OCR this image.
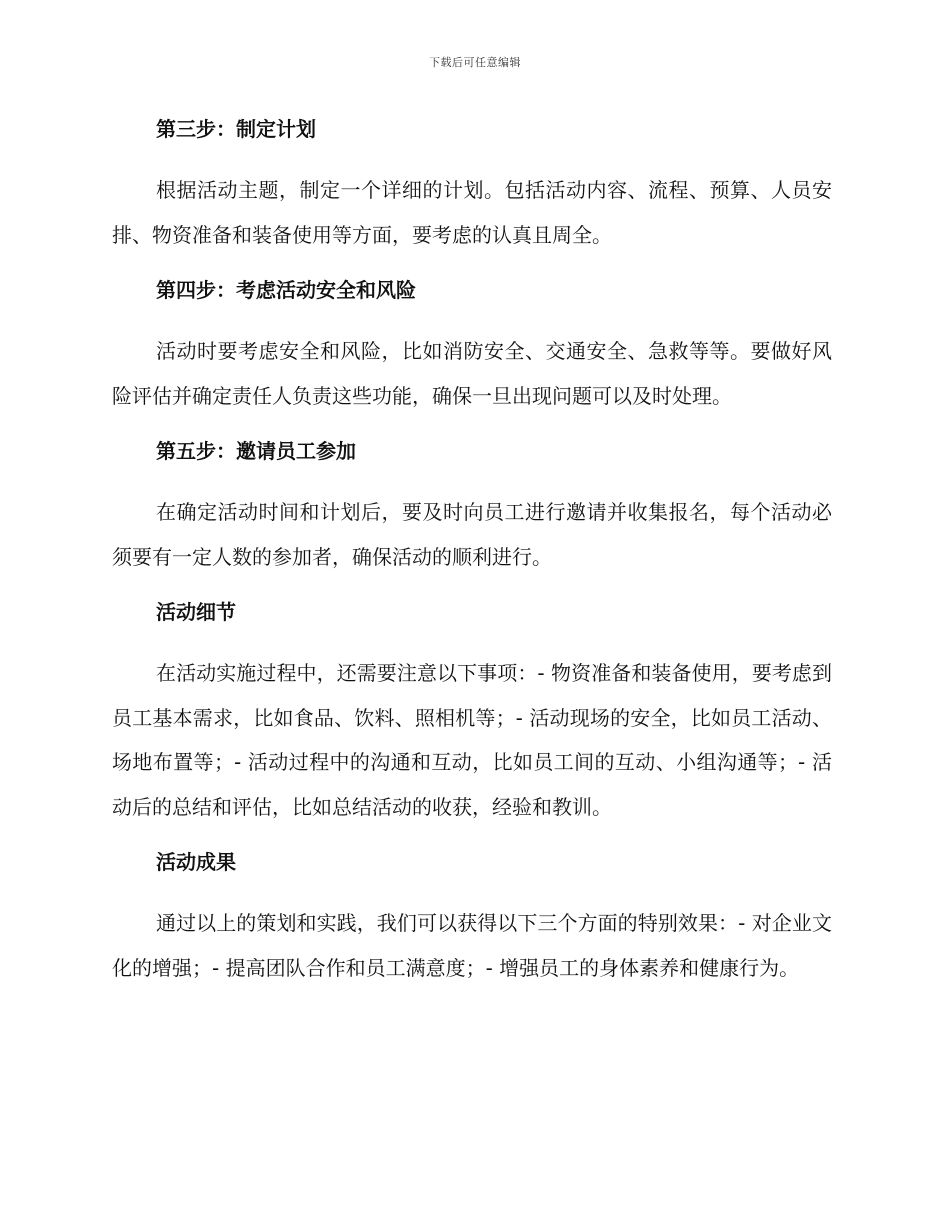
下载后可任意编辑
第三步：制定计划

根据活动主题，制定一个详细的计划。包括活动内容、流程、预算、人员安排、物资准备和装备使用等方面，要考虑的认真且周全。

第四步：考虑活动安全和风险

活动时要考虑安全和风险，比如消防安全、交通安全、急救等等。要做好风险评估并确定责任人负责这些功能，确保一旦出现问题可以及时处理。

第五步：邀请员工参加

在确定活动时间和计划后，要及时向员工进行邀请并收集报名，每个活动必须要有一定人数的参加者，确保活动的顺利进行。

活动细节

在活动实施过程中，还需要注意以下事项：- 物资准备和装备使用，要考虑到员工基本需求，比如食品、饮料、照相机等；- 活动现场的安全，比如员工活动、场地布置等；- 活动过程中的沟通和互动，比如员工间的互动、小组沟通等；- 活动后的总结和评估，比如总结活动的收获，经验和教训。

活动成果

通过以上的策划和实践，我们可以获得以下三个方面的特别效果：- 对企业文化的增强；- 提高团队合作和员工满意度；- 增强员工的身体素养和健康行为。
